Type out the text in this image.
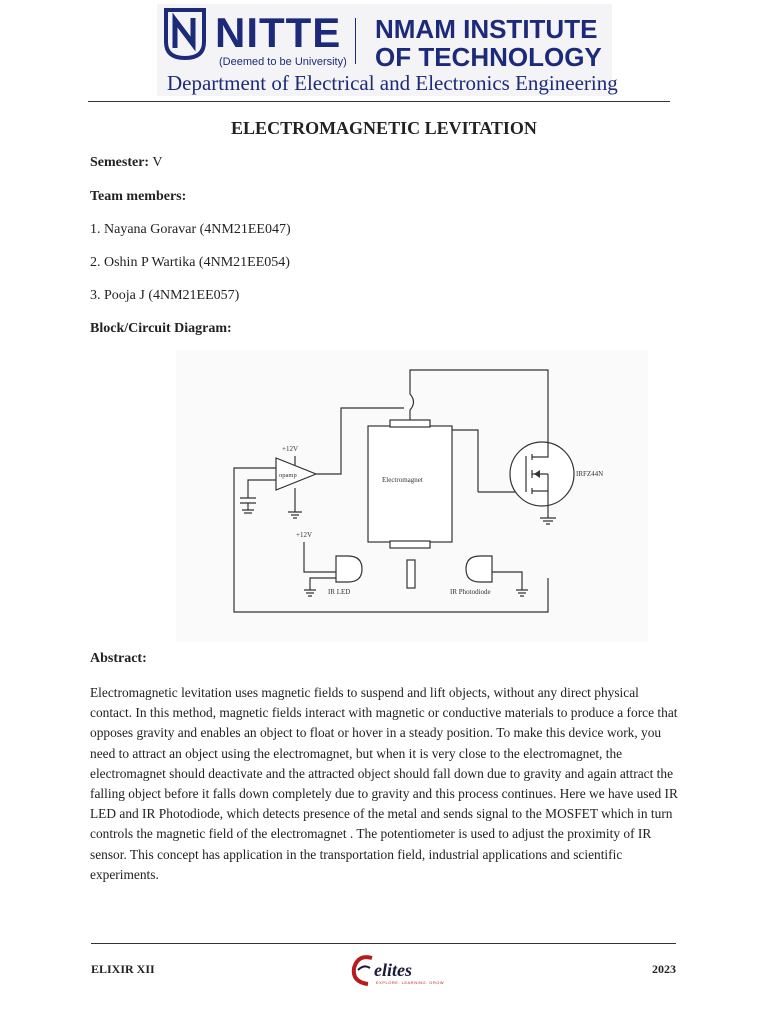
NITTE
(Deemed to be University)
NMAM INSTITUTE
OF TECHNOLOGY
Department of Electrical and Electronics Engineering
ELECTROMAGNETIC LEVITATION
Semester: V
Team members:
1. Nayana Goravar (4NM21EE047)
2. Oshin P Wartika (4NM21EE054)
3. Pooja J (4NM21EE057)
Block/Circuit Diagram:
+12V
opamp
Electromagnet
IRFZ44N
+12V
IR LED	IR Photodiode
Abstract:
Electromagnetic levitation uses magnetic fields to suspend and lift objects, without any direct physical contact. In this method, magnetic fields interact with magnetic or conductive materials to produce a force that opposes gravity and enables an object to float or hover in a steady position. To make this device work, you need to attract an object using the electromagnet, but when it is very close to the electromagnet, the electromagnet should deactivate and the attracted object should fall down due to gravity and again attract the falling object before it falls down completely due to gravity and this process continues. Here we have used IR LED and IR Photodiode, which detects presence of the metal and sends signal to the MOSFET which in turn controls the magnetic field of the electromagnet . The potentiometer is used to adjust the proximity of IR sensor. This concept has application in the transportation field, industrial applications and scientific experiments.
ELIXIR XII	elites
EXPLORE. LEARNING. GROW
2023
